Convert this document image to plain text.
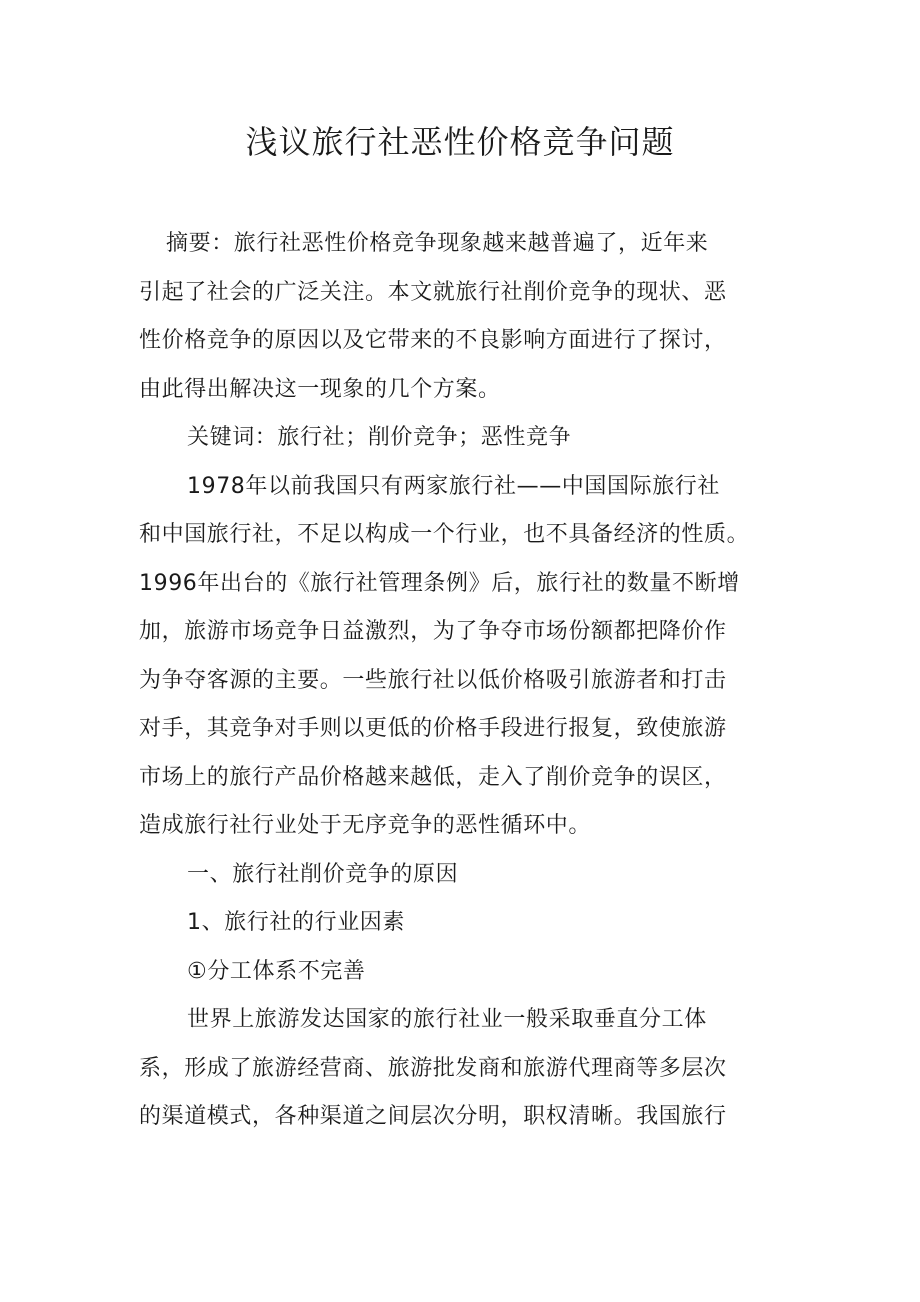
浅议旅行社恶性价格竞争问题
摘要：旅行社恶性价格竞争现象越来越普遍了，近年来
引起了社会的广泛关注。本文就旅行社削价竞争的现状、恶
性价格竞争的原因以及它带来的不良影响方面进行了探讨，
由此得出解决这一现象的几个方案。
关键词：旅行社；削价竞争；恶性竞争
1978年以前我国只有两家旅行社——中国国际旅行社
和中国旅行社，不足以构成一个行业，也不具备经济的性质。
1996年出台的《旅行社管理条例》后，旅行社的数量不断增
加，旅游市场竞争日益激烈，为了争夺市场份额都把降价作
为争夺客源的主要。一些旅行社以低价格吸引旅游者和打击
对手，其竞争对手则以更低的价格手段进行报复，致使旅游
市场上的旅行产品价格越来越低，走入了削价竞争的误区，
造成旅行社行业处于无序竞争的恶性循环中。
一、旅行社削价竞争的原因
1、旅行社的行业因素
①分工体系不完善
世界上旅游发达国家的旅行社业一般采取垂直分工体
系，形成了旅游经营商、旅游批发商和旅游代理商等多层次
的渠道模式，各种渠道之间层次分明，职权清晰。我国旅行
